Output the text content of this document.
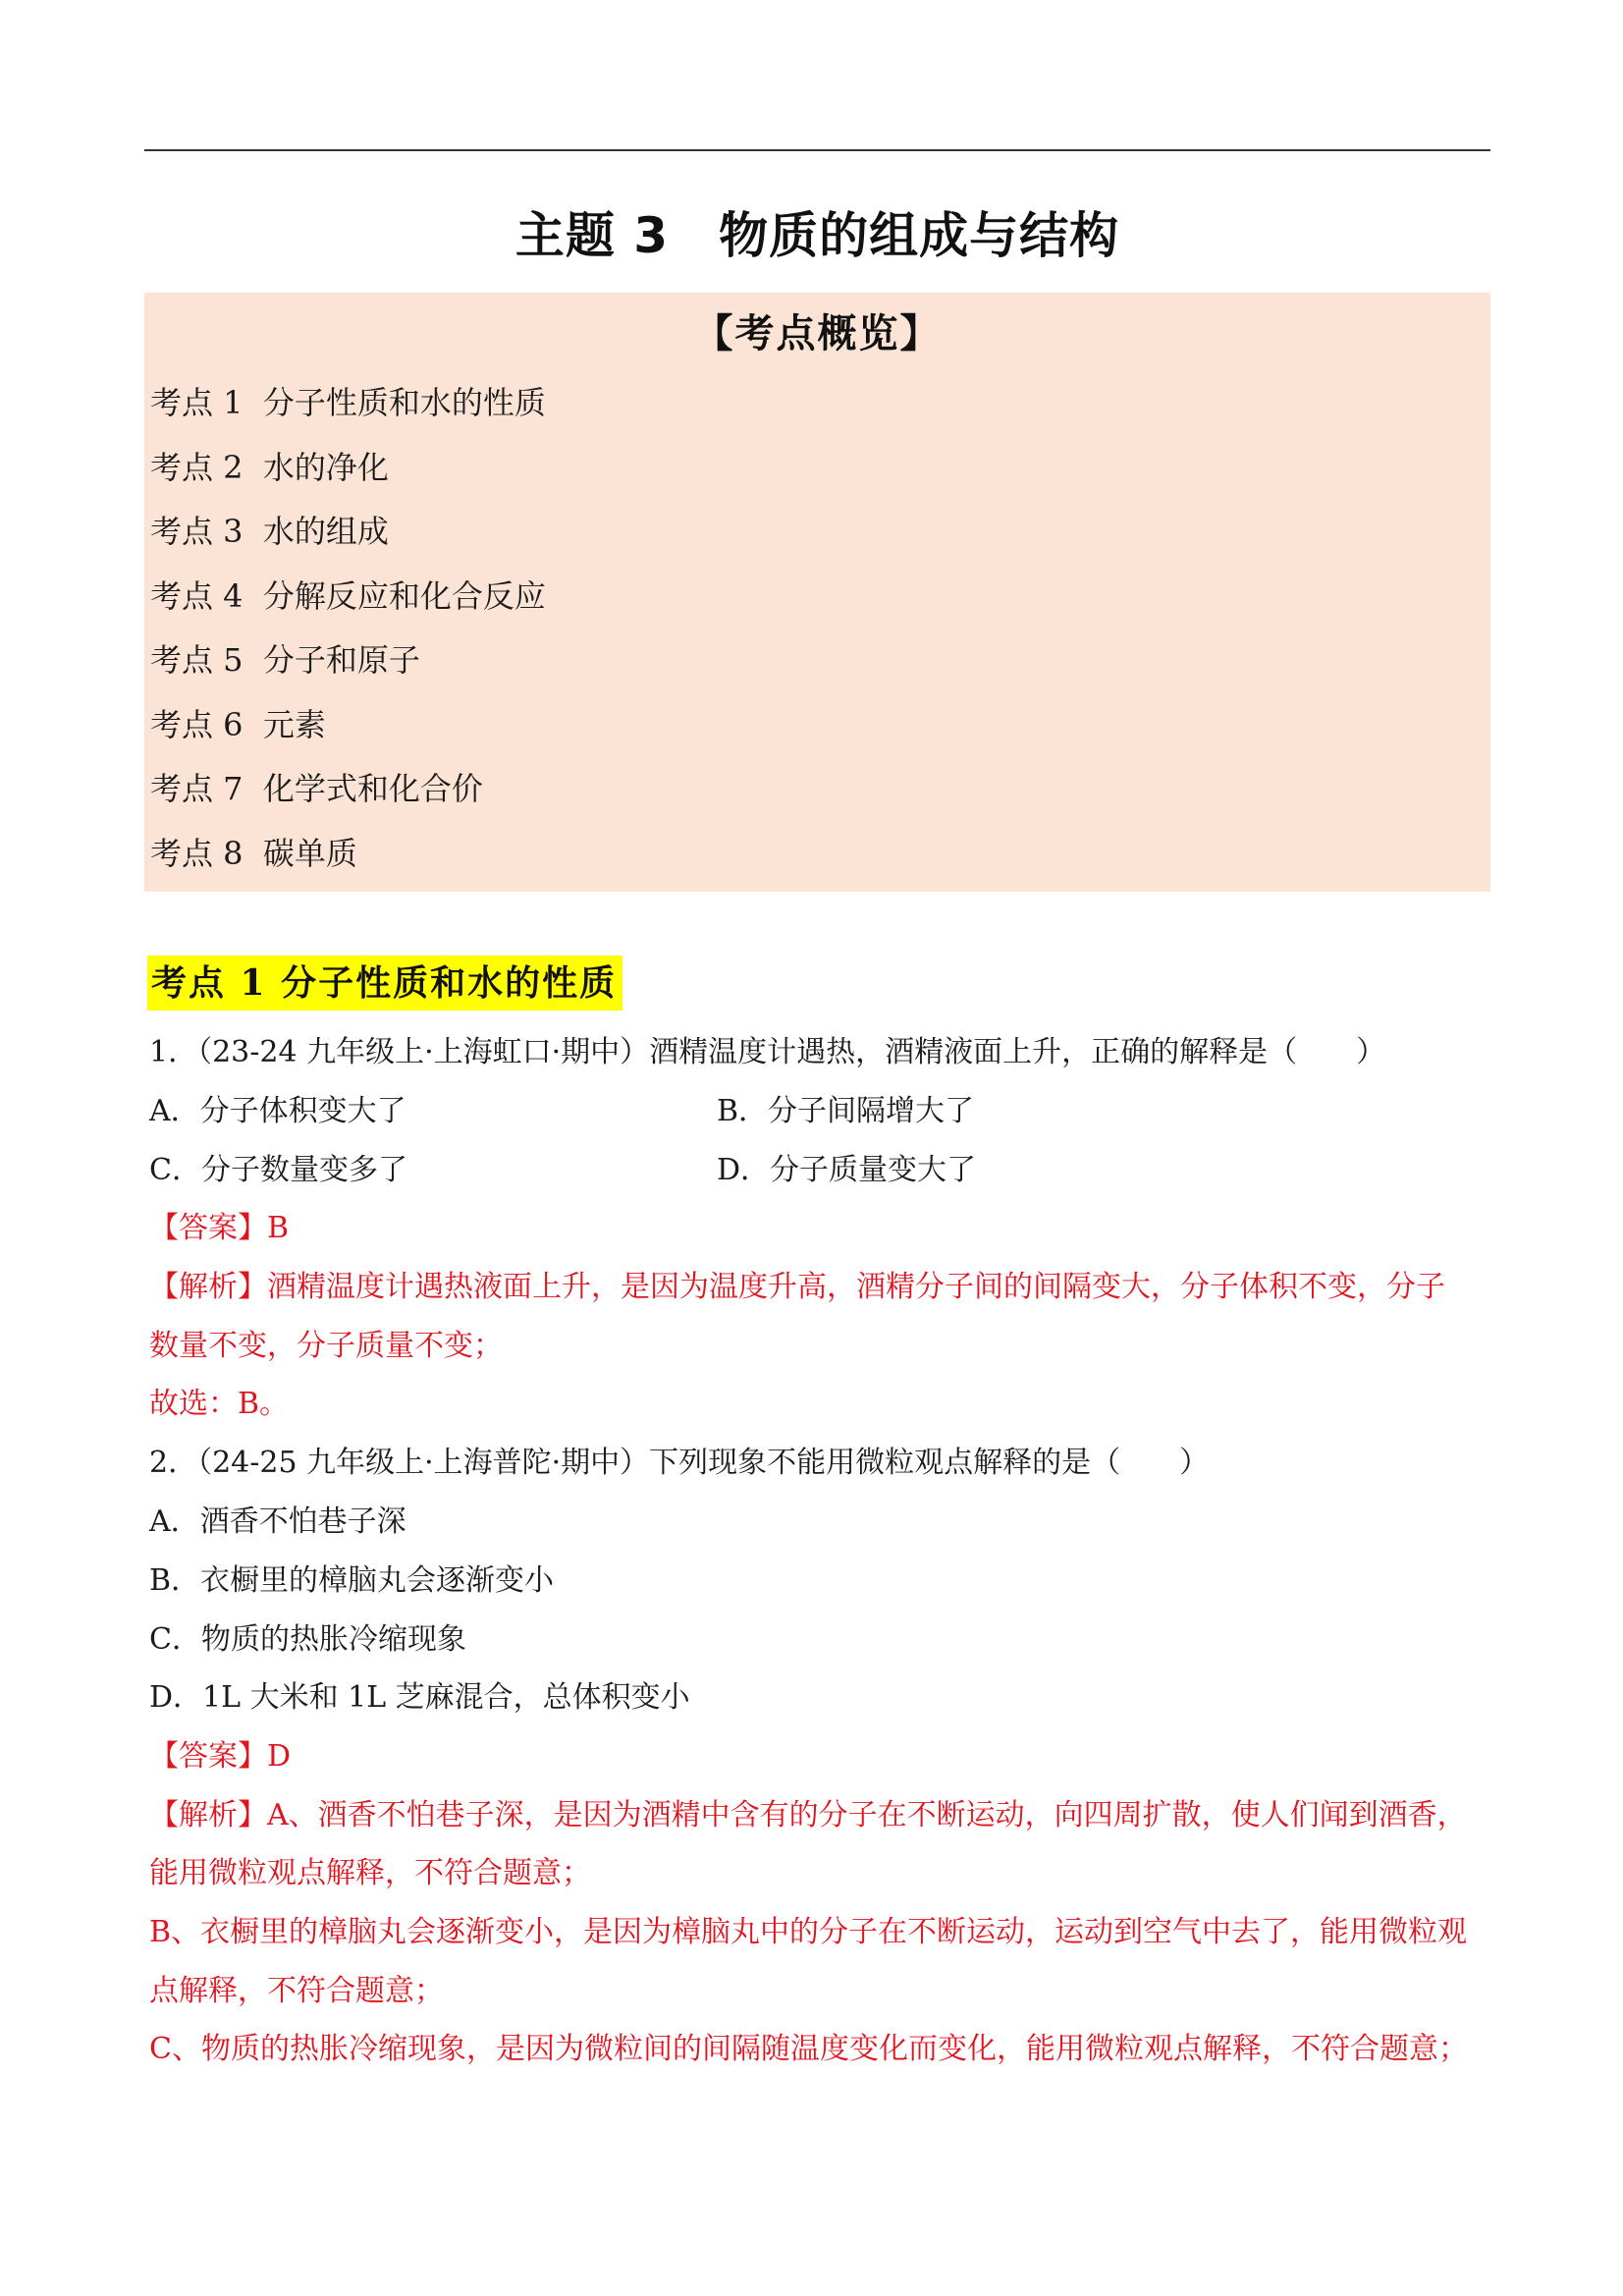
主题 3　物质的组成与结构
【考点概览】
考点 1 分子性质和水的性质
考点 2 水的净化
考点 3 水的组成
考点 4 分解反应和化合反应
考点 5 分子和原子
考点 6 元素
考点 7 化学式和化合价
考点 8 碳单质
考点 1 分子性质和水的性质
1．（23-24 九年级上·上海虹口·期中）酒精温度计遇热，酒精液面上升，正确的解释是（　　）
A．分子体积变大了	B．分子间隔增大了
C．分子数量变多了	D．分子质量变大了
【答案】B
【解析】酒精温度计遇热液面上升，是因为温度升高，酒精分子间的间隔变大，分子体积不变，分子
数量不变，分子质量不变；
故选：B。
2．（24-25 九年级上·上海普陀·期中）下列现象不能用微粒观点解释的是（　　）
A．酒香不怕巷子深
B．衣橱里的樟脑丸会逐渐变小
C．物质的热胀冷缩现象
D．1L 大米和 1L 芝麻混合，总体积变小
【答案】D
【解析】A、酒香不怕巷子深，是因为酒精中含有的分子在不断运动，向四周扩散，使人们闻到酒香，
能用微粒观点解释，不符合题意；
B、衣橱里的樟脑丸会逐渐变小，是因为樟脑丸中的分子在不断运动，运动到空气中去了，能用微粒观
点解释，不符合题意；
C、物质的热胀冷缩现象，是因为微粒间的间隔随温度变化而变化，能用微粒观点解释，不符合题意；
